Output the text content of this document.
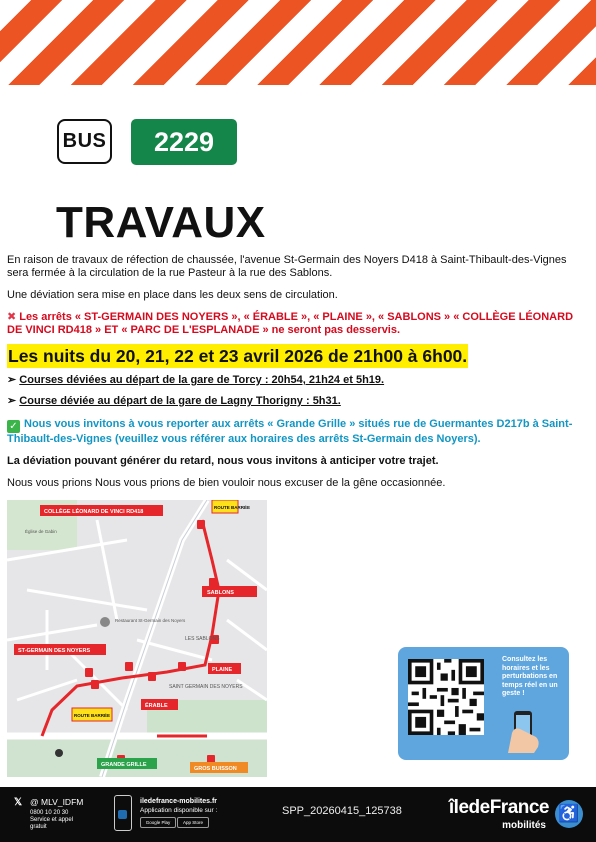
BUS 2229
TRAVAUX

En raison de travaux de réfection de chaussée, l'avenue St-Germain des Noyers D418 à Saint-Thibault-des-Vignes sera fermée à la circulation de la rue Pasteur à la rue des Sablons.

Une déviation sera mise en place dans les deux sens de circulation.

✖ Les arrêts « ST-GERMAIN DES NOYERS », « ÉRABLE », « PLAINE », « SABLONS » « COLLÈGE LÉONARD DE VINCI RD418 » ET « PARC DE L'ESPLANADE » ne seront pas desservis.

Les nuits du 20, 21, 22 et 23 avril 2026 de 21h00 à 6h00.
➢ Courses déviées au départ de la gare de Torcy : 20h54, 21h24 et 5h19.
➢ Course déviée au départ de la gare de Lagny Thorigny : 5h31.

✓ Nous vous invitons à vous reporter aux arrêts « Grande Grille » situés rue de Guermantes D217b à Saint-Thibault-des-Vignes (veuillez vous référer aux horaires des arrêts St-Germain des Noyers).

La déviation pouvant générer du retard, nous vous invitons à anticiper votre trajet.

Nous vous prions Nous vous prions de bien vouloir nous excuser de la gêne occasionnée.

Église de Gabin
LES SABLONS
SAINT GERMAIN DES NOYERS
Restaurant St-Germain des Noyers
COLLÈGE LÉONARD DE VINCI RD418
SABLONS
ST-GERMAIN DES NOYERS
PLAINE
ÉRABLE
ROUTE BARRÉE
ROUTE BARRÉE
GRANDE GRILLE
GROS BUISSON
Consultez les horaires et les perturbations en temps réel en un geste !
𝕏 @ MLV_IDFM
0800 10 20 30
Service et appel gratuit
iledefrance-mobilites.fr
Application disponible sur :
Google Play	App Store
SPP_20260415_125738 îledeFrance
mobilités
♿
